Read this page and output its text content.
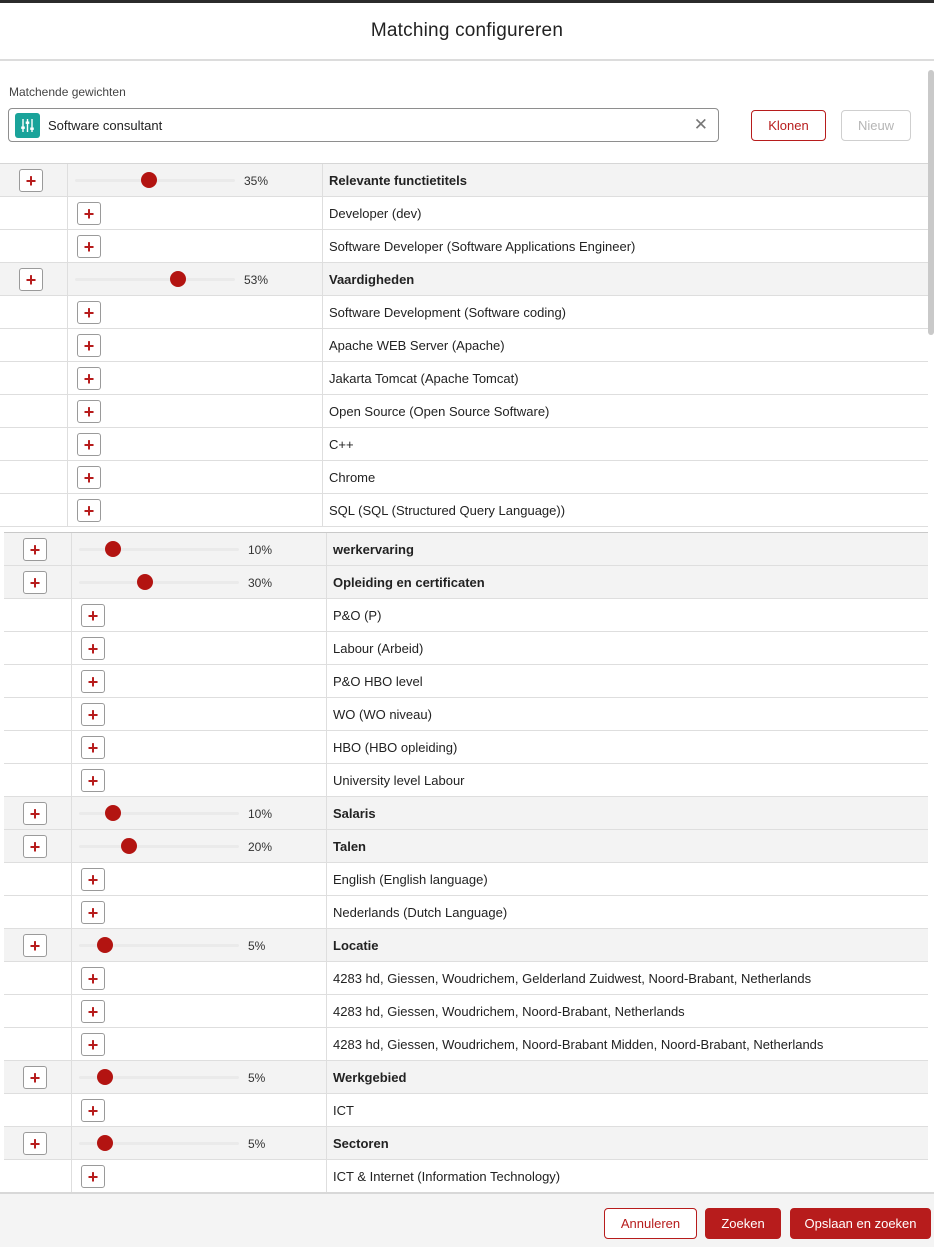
Matching configureren
Matchende gewichten
Software consultant	✕	Klonen	Nieuw
+	35%	Relevante functietitels
+	Developer (dev)
+	Software Developer (Software Applications Engineer)
+	53%	Vaardigheden
+	Software Development (Software coding)
+	Apache WEB Server (Apache)
+	Jakarta Tomcat (Apache Tomcat)
+	Open Source (Open Source Software)
+	C++
+	Chrome
+	SQL (SQL (Structured Query Language))
+	10%	werkervaring
+	30%	Opleiding en certificaten
+	P&O (P)
+	Labour (Arbeid)
+	P&O HBO level
+	WO (WO niveau)
+	HBO (HBO opleiding)
+	University level Labour
+	10%	Salaris
+	20%	Talen
+	English (English language)
+	Nederlands (Dutch Language)
+	5%	Locatie
+	4283 hd, Giessen, Woudrichem, Gelderland Zuidwest, Noord-Brabant, Netherlands
+	4283 hd, Giessen, Woudrichem, Noord-Brabant, Netherlands
+	4283 hd, Giessen, Woudrichem, Noord-Brabant Midden, Noord-Brabant, Netherlands
+	5%	Werkgebied
+	ICT
+	5%	Sectoren
+	ICT & Internet (Information Technology)
Annuleren	Zoeken	Opslaan en zoeken
